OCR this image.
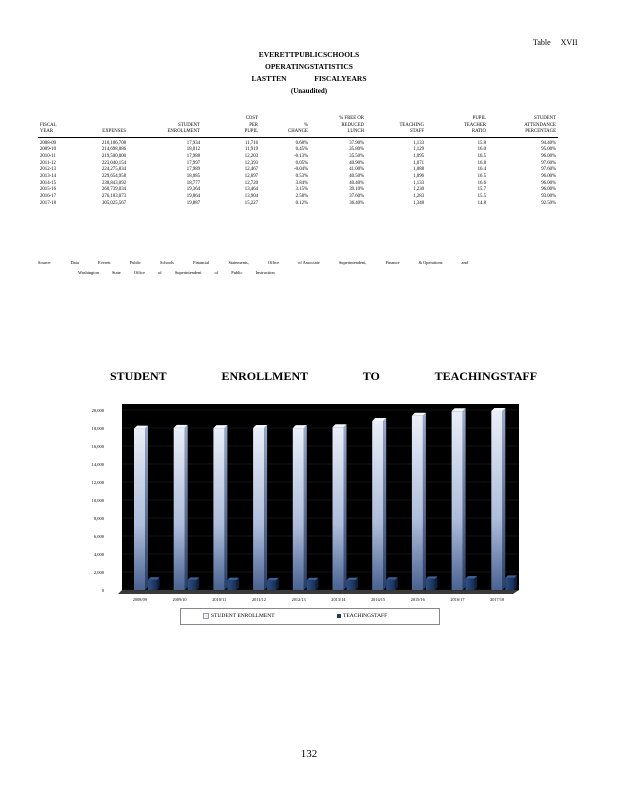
Table XVII
EVERETTPUBLICSCHOOLS
OPERATINGSTATISTICS
LASTTEN	FISCALYEARS
(Unaudited)
			COST		% FREE OR		PUPIL	STUDENT
FISCAL		STUDENT	PER	%	REDUCED	TEACHING	TEACHER	ATTENDANCE
YEAR	EXPENSES	ENROLLMENT	PUPIL	CHANGE	LUNCH	STAFF	RATIO	PERCENTAGE
2008-09	210,106,708	17,934	11,716	0.68%	37.90%	1,133	15.8	94.40%
2009-10	214,698,086	18,012	11,919	0.45%	35.80%	1,129	16.0	95.00%
2010-11	219,500,000	17,988	12,203	-0.13%	35.50%	1,095	16.5	96.00%
2011-12	223,040,154	17,997	12,393	0.05%	40.90%	1,071	16.8	97.60%
2012-13	224,275,834	17,989	12,467	-0.04%	41.00%	1,088	16.4	97.60%
2013-14	229,654,958	18,085	12,697	0.53%	40.50%	1,096	16.5	96.00%
2014-15	238,843,092	18,777	12,720	3.84%	40.40%	1,133	16.6	96.00%
2015-16	260,739,034	19,364	13,464	3.15%	39.10%	1,230	15.7	96.00%
2016-17	276,183,073	19,864	13,904	2.58%	37.60%	1,283	15.5	93.00%
2017-18	305,025,567	19,887	15,227	0.12%	36.40%	1,348	14.8	92.50%
Source:	Data	Everett	Public	Schools	Financial	Statements,	Office	of Associate	Superintendent,	Finance	& Operations	and
Washington State Office of Superintendent of Public Instruction
STUDENT ENROLLMENT TO TEACHINGSTAFF
0
2,000
4,000
6,000
8,000
10,000
12,000
14,000
16,000
18,000
20,000
2008/09	2009/10	2010/11	2011/12	2012/13	2013/14	2014/15	2015/16	2016/17	2017/18
STUDENT ENROLLMENT	TEACHINGSTAFF
132
